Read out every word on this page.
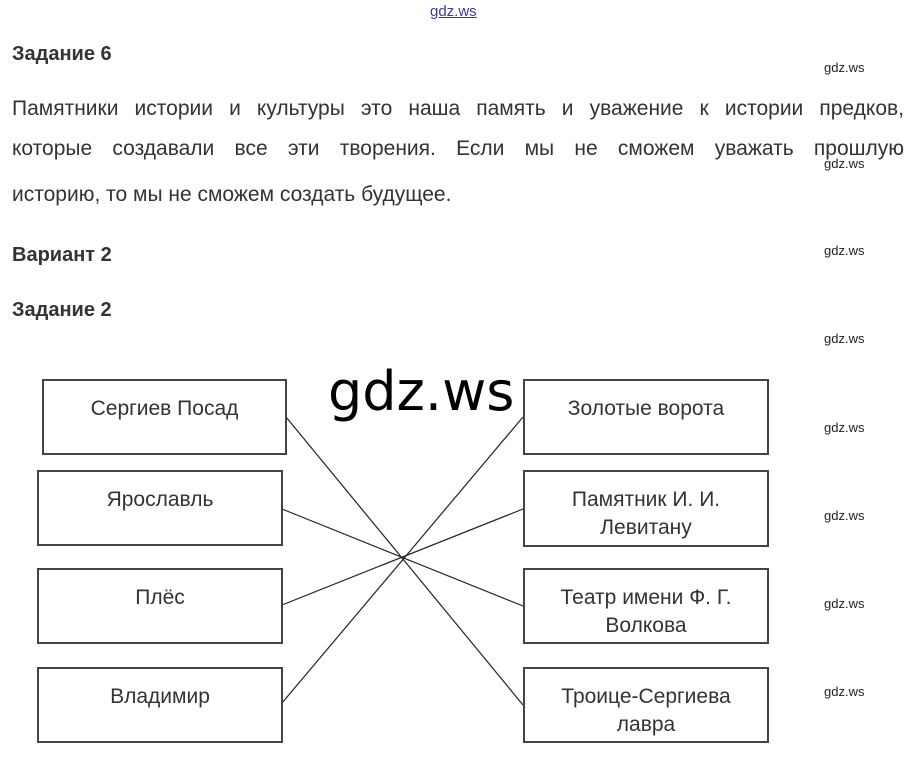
gdz.ws
Задание 6
Памятники истории и культуры это наша память и уважение к истории предков,
которые создавали все эти творения. Если мы не сможем уважать прошлую
историю, то мы не сможем создать будущее.
Вариант 2
Задание 2
gdz.ws
gdz.ws
gdz.ws
gdz.ws
gdz.ws
gdz.ws
gdz.ws
gdz.ws
Сергиев Посад
Ярославль
Плёс
Владимир
Золотые ворота
Памятник И. И.
Левитану
Театр имени Ф. Г.
Волкова
Троице-Сергиева
лавра
gdz.ws
